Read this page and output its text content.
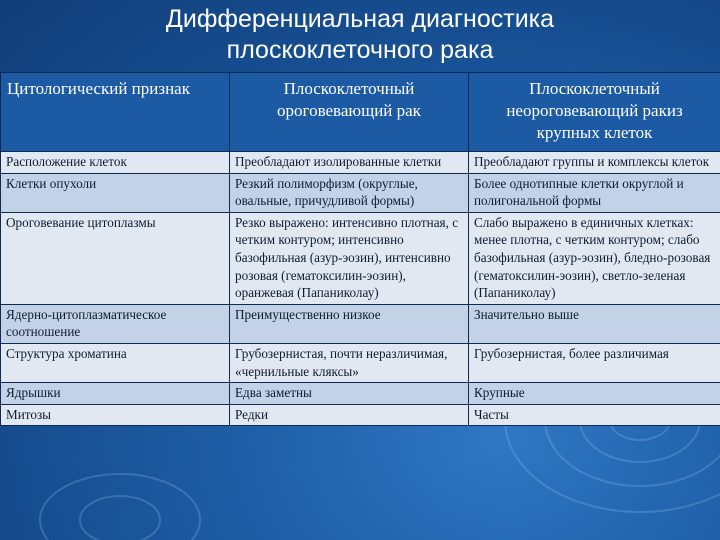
Дифференциальная диагностика
плоскоклеточного рака
Цитологический признак	Плоскоклеточный ороговевающий рак	Плоскоклеточный неороговевающий ракиз крупных клеток
Расположение клеток	Преобладают изолированные клетки	Преобладают группы и комплексы клеток
Клетки опухоли	Резкий полиморфизм (округлые, овальные, причудливой формы)	Более однотипные клетки округлой и полигональной формы
Ороговевание цитоплазмы	Резко выражено: интенсивно плотная, с четким контуром; интенсивно базофильная (азур-эозин), интенсивно розовая (гематоксилин-эозин), оранжевая (Папаниколау)	Слабо выражено в единичных клетках: менее плотна, с четким контуром; слабо базофильная (азур-эозин), бледно-розовая (гематоксилин-эозин), светло-зеленая (Папаниколау)
Ядерно-цитоплазматическое соотношение	Преимущественно низкое	Значительно выше
Структура хроматина	Грубозернистая, почти неразличимая, «чернильные кляксы»	Грубозернистая, более различимая
Ядрышки	Едва заметны	Крупные
Митозы	Редки	Часты
